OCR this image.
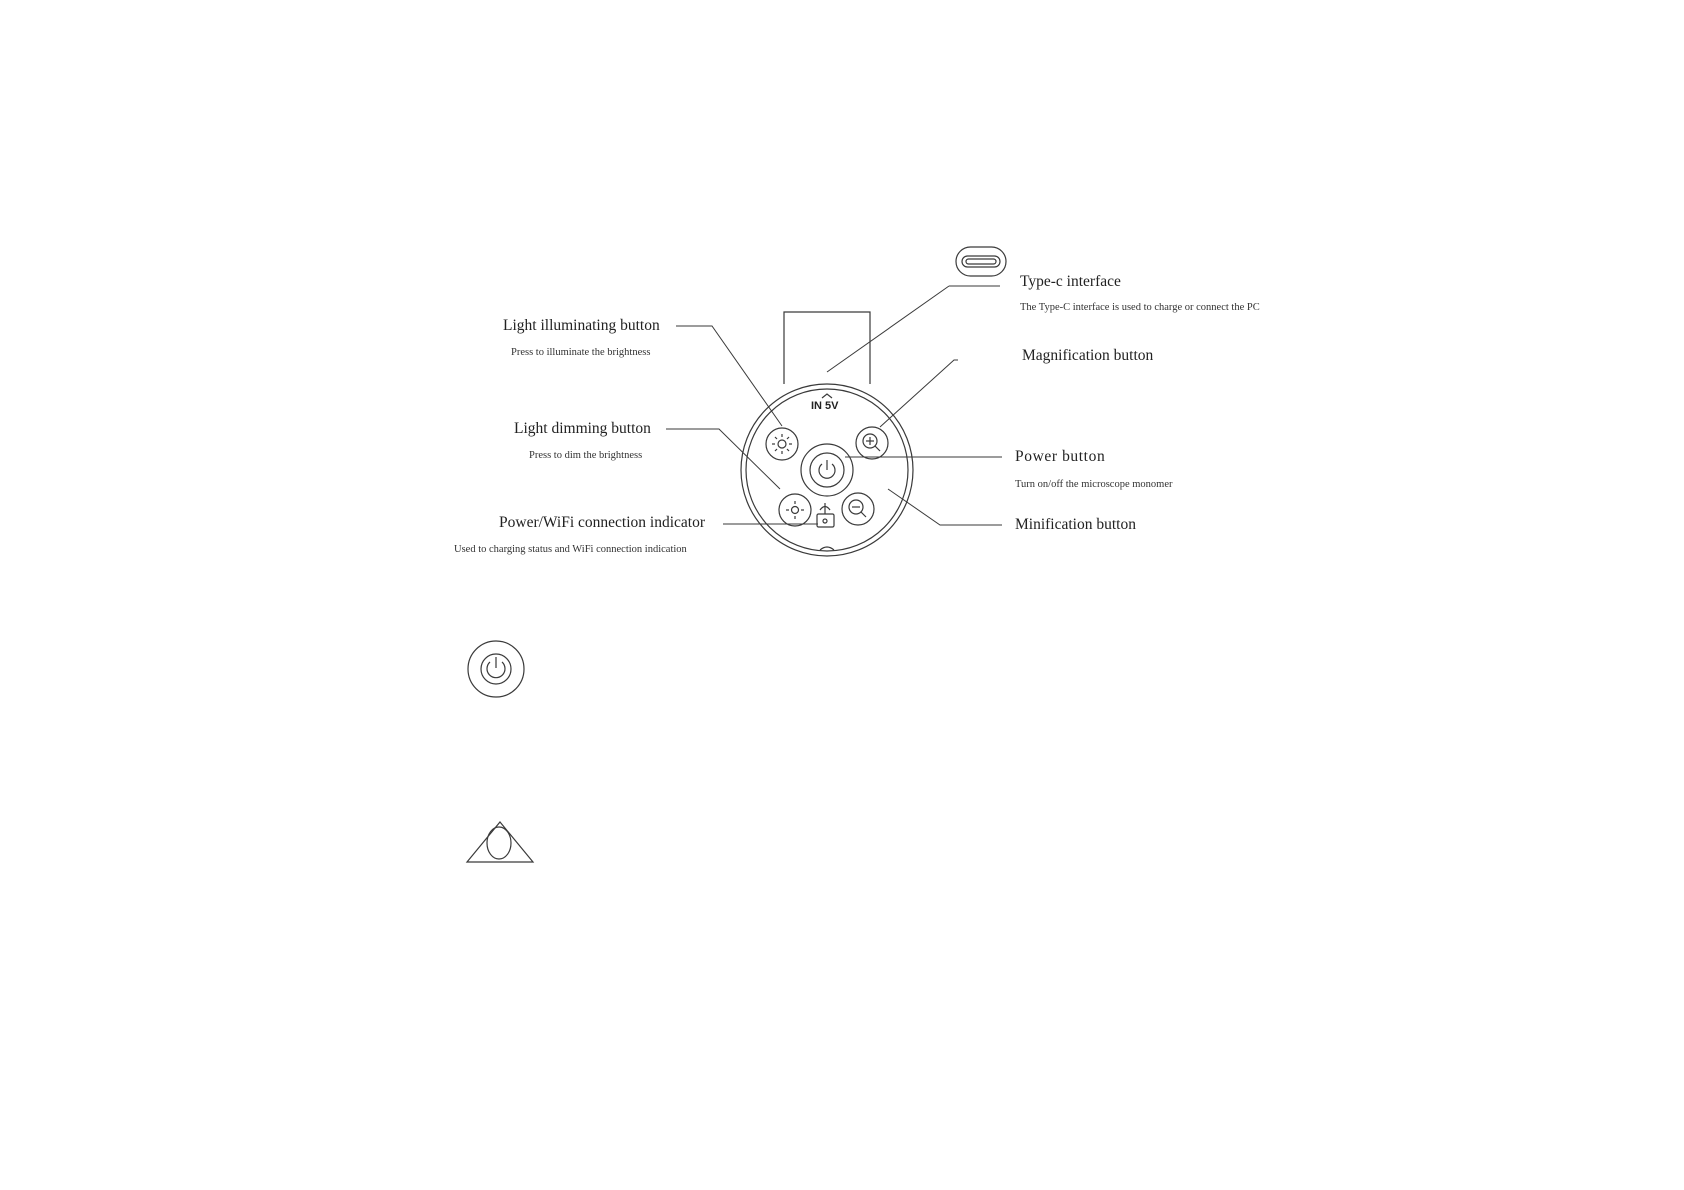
IN 5V
Type-c interface
The Type-C interface is used to charge or connect the PC
Magnification button
Light illuminating button
Press to illuminate the brightness
Light dimming button
Press to dim the brightness	Power button
Turn on/off the microscope monomer
Minification button
Power/WiFi connection indicator
Used to charging status and WiFi connection indication
